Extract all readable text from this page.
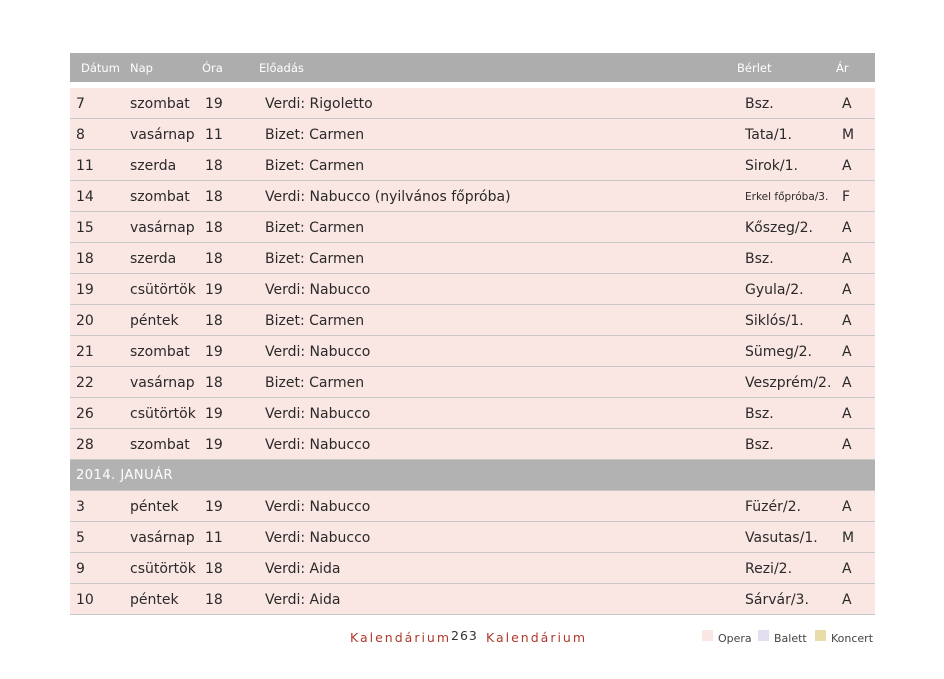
Dátum Nap	Óra	Előadás	Bérlet	Ár
7	szombat 19	Verdi: Rigoletto	Bsz.	A
8	vasárnap 11	Bizet: Carmen	Tata/1.	M
11	szerda 18	Bizet: Carmen	Sirok/1.	A
14	szombat 18	Verdi: Nabucco (nyilvános főpróba)	Erkel főpróba/3. F
15	vasárnap 18	Bizet: Carmen	Kőszeg/2. A
18	szerda 18	Bizet: Carmen	Bsz.	A
19	csütörtök 19	Verdi: Nabucco	Gyula/2.	A
20	péntek 18	Bizet: Carmen	Siklós/1.	A
21	szombat 19	Verdi: Nabucco	Sümeg/2. A
22	vasárnap 18	Bizet: Carmen	Veszprém/2. A
26	csütörtök 19	Verdi: Nabucco	Bsz.	A
28	szombat 19	Verdi: Nabucco	Bsz.	A
2014. JANUÁR
3	péntek 19	Verdi: Nabucco	Füzér/2.	A
5	vasárnap 11	Verdi: Nabucco	Vasutas/1. M
9	csütörtök 18	Verdi: Aida	Rezi/2.	A
10	péntek 18	Verdi: Aida	Sárvár/3. A
Kalendárium 263 Kalendárium	Opera Balett Koncert
